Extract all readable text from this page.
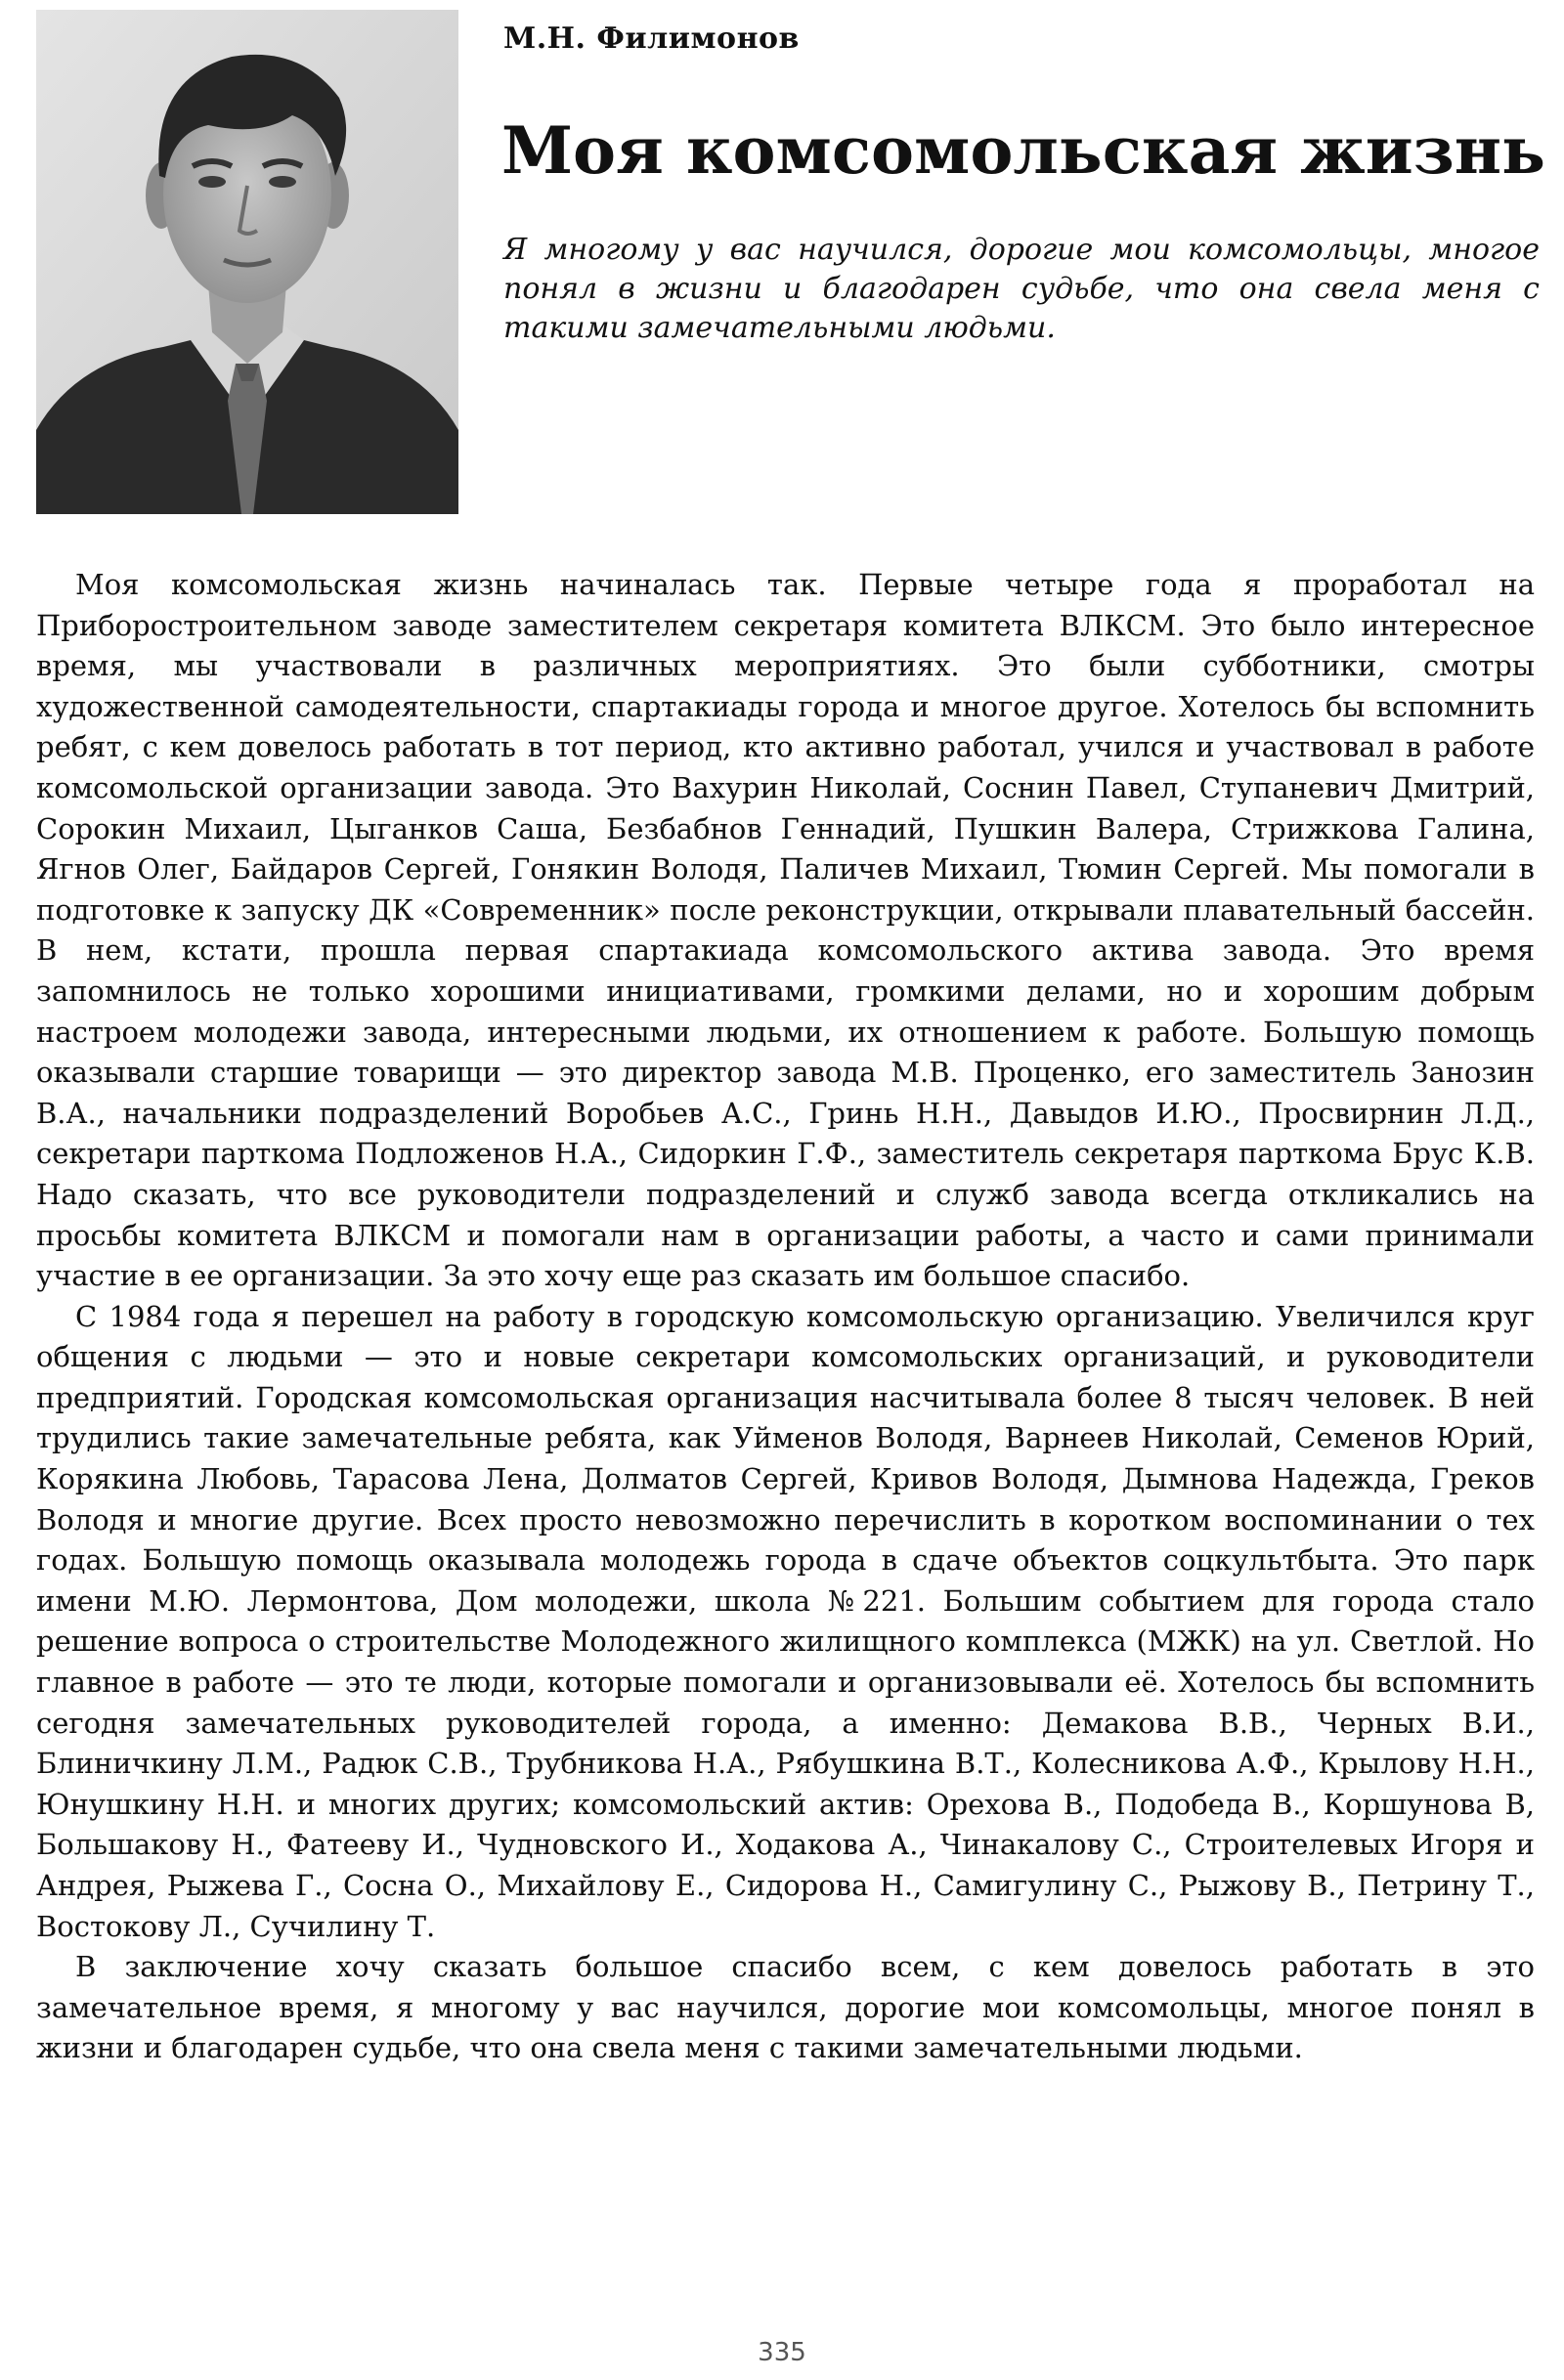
М.Н. Филимонов
Моя комсомольская жизнь

Я многому у вас научился, дорогие мои комсомольцы, многое понял в жизни и благодарен судьбе, что она свела меня с такими замечательными людьми.

Моя комсомольская жизнь начиналась так. Первые четыре года я проработал на Приборостроительном заводе заместителем секретаря комитета ВЛКСМ. Это было интересное время, мы участвовали в различных мероприятиях. Это были субботники, смотры художественной самодеятельности, спартакиады города и многое другое. Хотелось бы вспомнить ребят, с кем довелось работать в тот период, кто активно работал, учился и участвовал в работе комсомольской организации завода. Это Вахурин Николай, Соснин Павел, Ступаневич Дмитрий, Сорокин Михаил, Цыганков Саша, Безбабнов Геннадий, Пушкин Валера, Стрижкова Галина, Ягнов Олег, Байдаров Сергей, Гонякин Володя, Паличев Михаил, Тюмин Сергей. Мы помогали в подготовке к запуску ДК «Современник» после реконструкции, открывали плавательный бассейн. В нем, кстати, прошла первая спартакиада комсомольского актива завода. Это время запомнилось не только хорошими инициативами, громкими делами, но и хорошим добрым настроем молодежи завода, интересными людьми, их отношением к работе. Большую помощь оказывали старшие товарищи — это директор завода М.В. Проценко, его заместитель Занозин В.А., начальники подразделений Воробьев А.С., Гринь Н.Н., Давыдов И.Ю., Просвирнин Л.Д., секретари парткома Подложенов Н.А., Сидоркин Г.Ф., заместитель секретаря парткома Брус К.В. Надо сказать, что все руководители подразделений и служб завода всегда откликались на просьбы комитета ВЛКСМ и помогали нам в организации работы, а часто и сами принимали участие в ее организации. За это хочу еще раз сказать им большое спасибо.

С 1984 года я перешел на работу в городскую комсомольскую организацию. Увеличился круг общения с людьми — это и новые секретари комсомольских организаций, и руководители предприятий. Городская комсомольская организация насчитывала более 8 тысяч человек. В ней трудились такие замечательные ребята, как Уйменов Володя, Варнеев Николай, Семенов Юрий, Корякина Любовь, Тарасова Лена, Долматов Сергей, Кривов Володя, Дымнова Надежда, Греков Володя и многие другие. Всех просто невозможно перечислить в коротком воспоминании о тех годах. Большую помощь оказывала молодежь города в сдаче объектов соцкультбыта. Это парк имени М.Ю. Лермонтова, Дом молодежи, школа №221. Большим событием для города стало решение вопроса о строительстве Молодежного жилищного комплекса (МЖК) на ул. Светлой. Но главное в работе — это те люди, которые помогали и организовывали её. Хотелось бы вспомнить сегодня замечательных руководителей города, а именно: Демакова В.В., Черных В.И., Блиничкину Л.М., Радюк С.В., Трубникова Н.А., Рябушкина В.Т., Колесникова А.Ф., Крылову Н.Н., Юнушкину Н.Н. и многих других; комсомольский актив: Орехова В., Подобеда В., Коршунова В, Большакову Н., Фатееву И., Чудновского И., Ходакова А., Чинакалову С., Строителевых Игоря и Андрея, Рыжева Г., Сосна О., Михайлову Е., Сидорова Н., Самигулину С., Рыжову В., Петрину Т., Востокову Л., Сучилину Т.

В заключение хочу сказать большое спасибо всем, с кем довелось работать в это замечательное время, я многому у вас научился, дорогие мои комсомольцы, многое понял в жизни и благодарен судьбе, что она свела меня с такими замечательными людьми.

335
